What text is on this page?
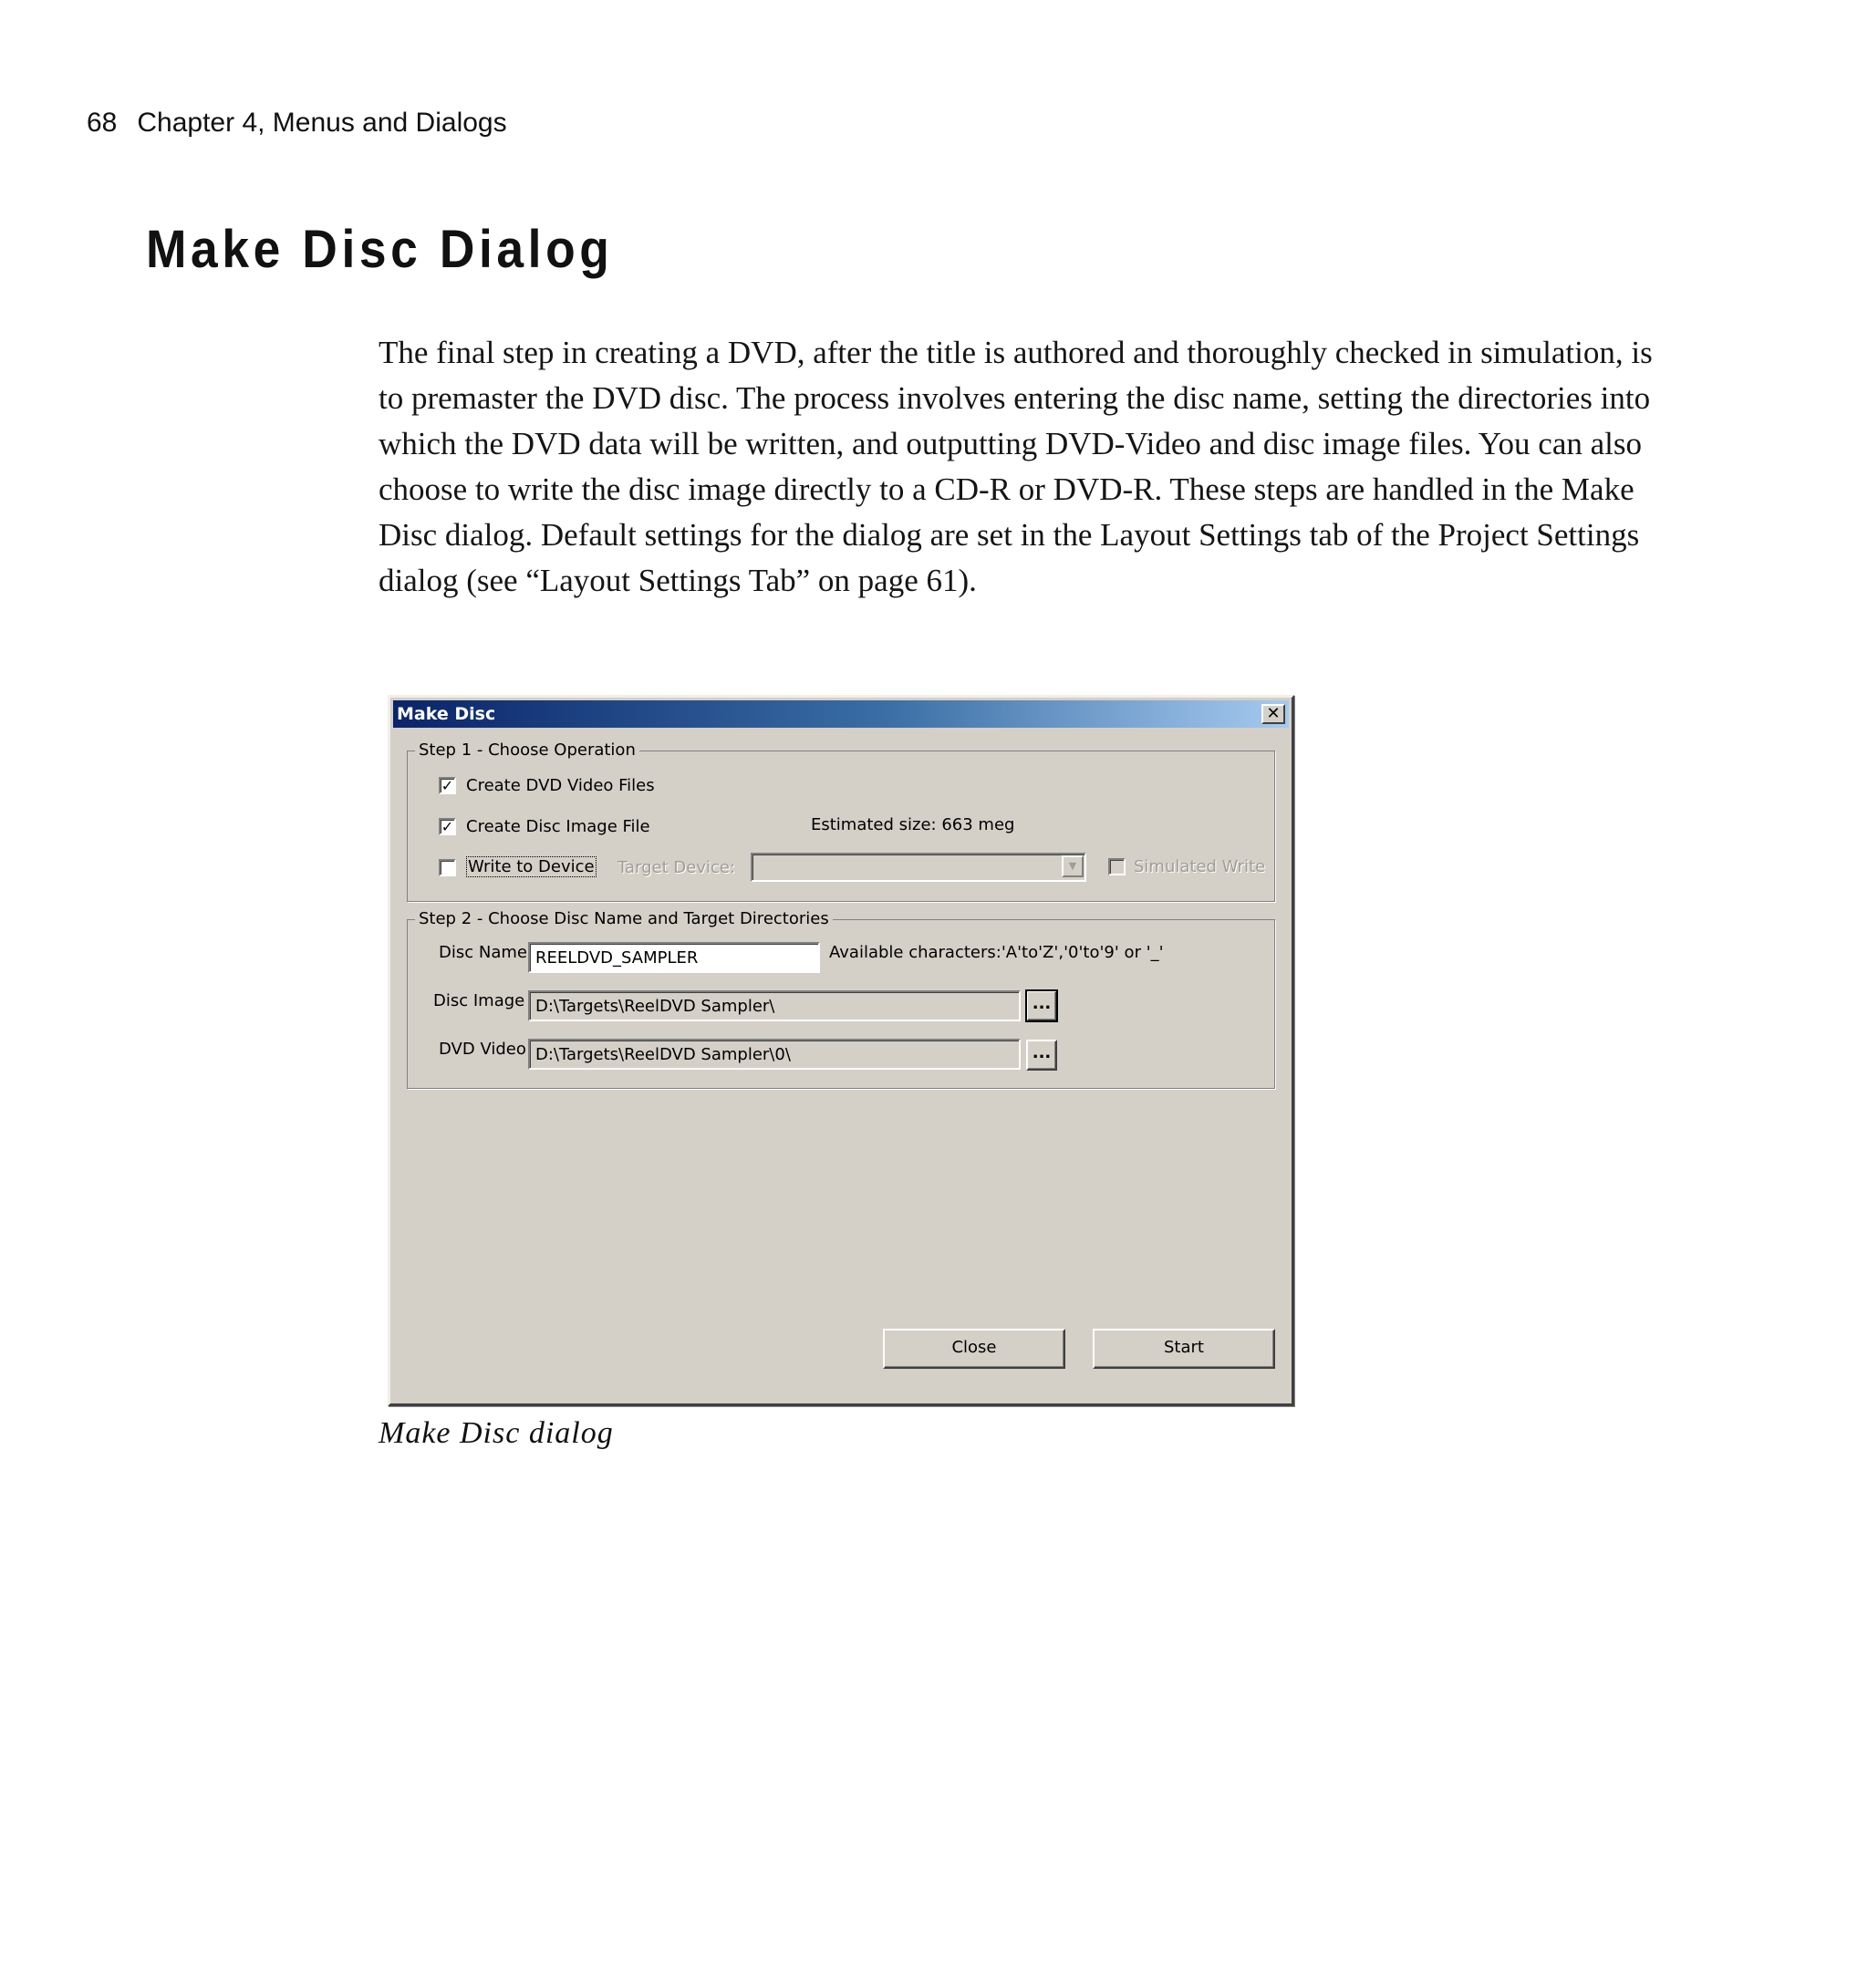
68 Chapter 4, Menus and Dialogs
Make Disc Dialog

The final step in creating a DVD, after the title is authored and thoroughly checked in simulation, is to premaster the DVD disc. The process involves entering the disc name, setting the directories into which the DVD data will be written, and outputting DVD-Video and disc image files. You can also choose to write the disc image directly to a CD-R or DVD-R. These steps are handled in the Make Disc dialog. Default settings for the dialog are set in the Layout Settings tab of the Project Settings dialog (see “Layout Settings Tab” on page 61).

Make Disc	✕
Step 1 - Choose Operation
✓ Create DVD Video Files
✓ Create Disc Image File	Estimated size: 663 meg
Write to Device Target Device:	▼	Simulated Write
Step 2 - Choose Disc Name and Target Directories
Disc Name REELDVD_SAMPLER	Available characters:'A'to'Z','0'to'9' or '_'
Disc Image D:\Targets\ReelDVD Sampler\	...
DVD Video D:\Targets\ReelDVD Sampler\0\	...
Close	Start

Make Disc dialog
